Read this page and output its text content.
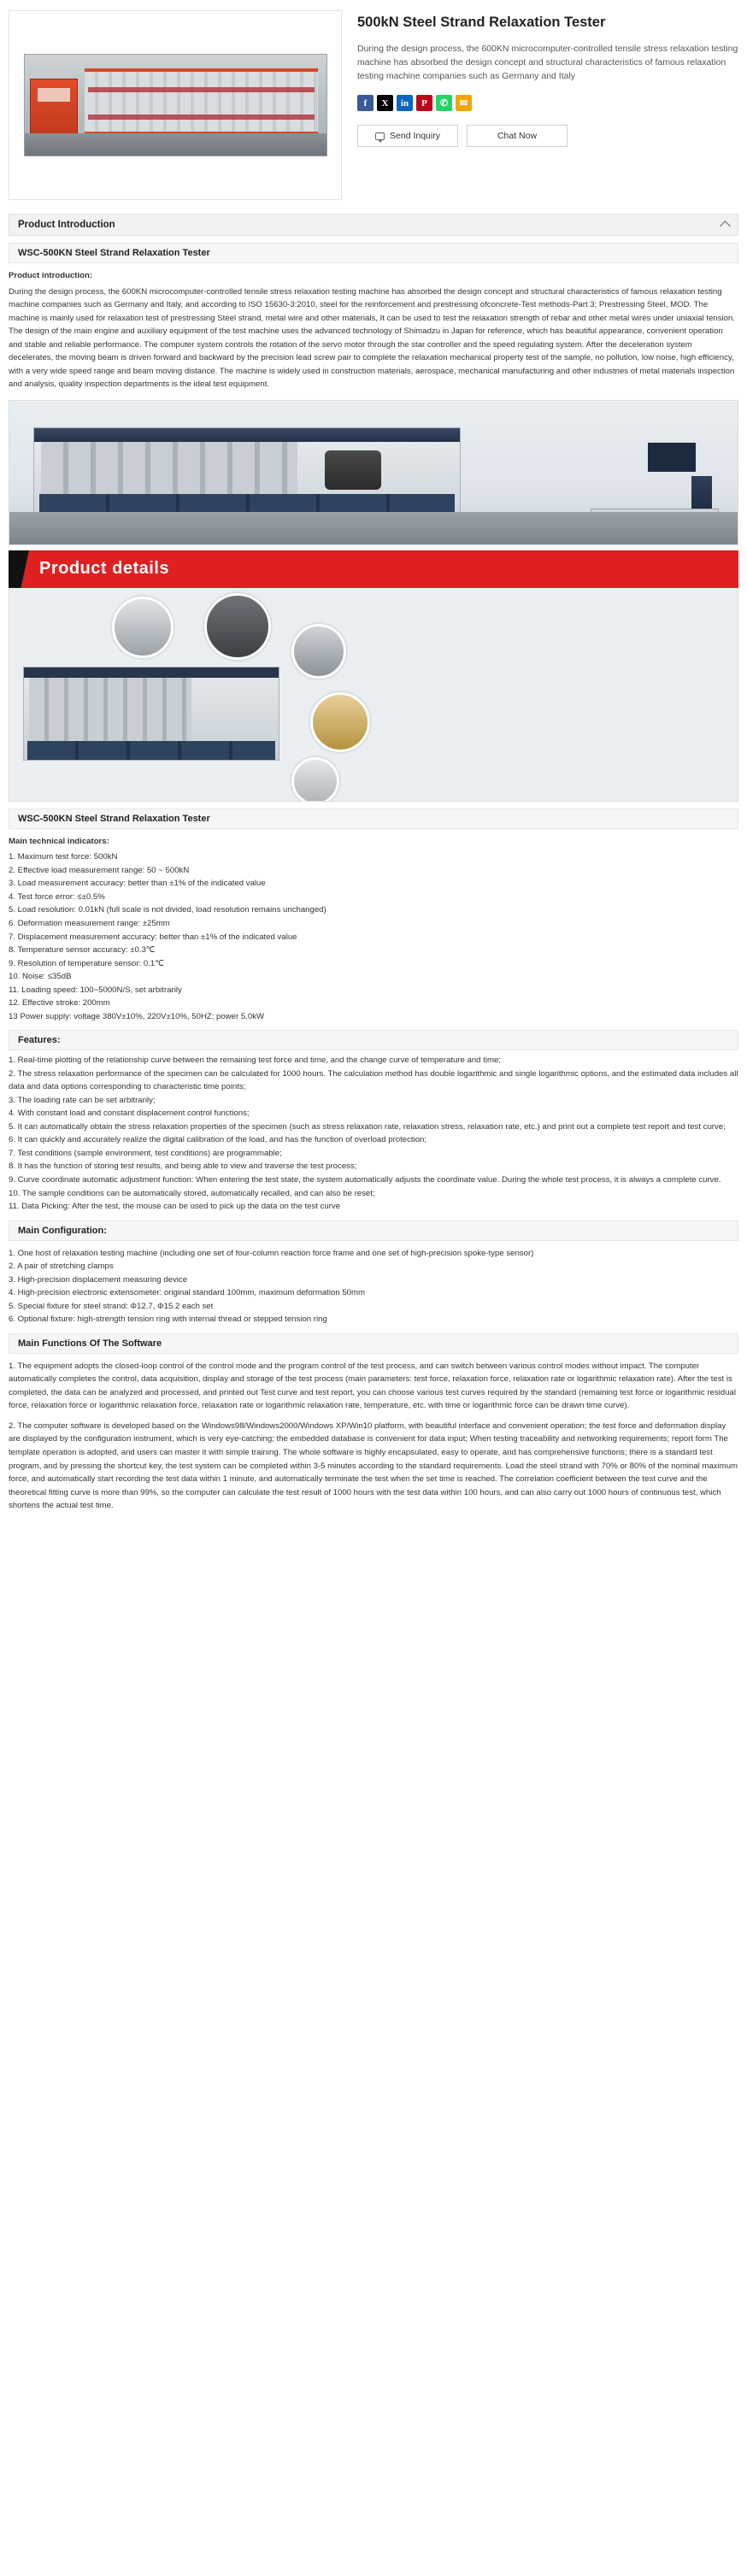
500kN Steel Strand Relaxation Tester

During the design process, the 600KN microcomputer-controlled tensile stress relaxation testing machine has absorbed the design concept and structural characteristics of famous relaxation testing machine companies such as Germany and Italy

f	X	in	P	✆	✉
Send Inquiry	Chat Now
Product Introduction
WSC-500KN Steel Strand Relaxation Tester
Product introduction:
During the design process, the 600KN microcomputer-controlled tensile stress relaxation testing machine has absorbed the design concept and structural characteristics of famous relaxation testing machine companies such as Germany and Italy, and according to ISO 15630-3:2010, steel for the reinforcement and prestressing ofconcrete-Test methods-Part 3; Prestressing Steel, MOD. The machine is mainly used for relaxation test of prestressing Steel strand, metal wire and other materials, It can be used to test the relaxation strength of rebar and other metal wires under uniaxial tension. The design of the main engine and auxiliary equipment of the test machine uses the advanced technology of Shimadzu in Japan for reference, which has beautiful appearance, convenient operation and stable and reliable performance. The computer system controls the rotation of the servo motor through the star controller and the speed regulating system. After the deceleration system decelerates, the moving beam is driven forward and backward by the precision lead screw pair to complete the relaxation mechanical property test of the sample, no pollution, low noise, high efficiency, with a very wide speed range and beam moving distance. The machine is widely used in construction materials, aerospace, mechanical manufacturing and other industries of metal materials inspection and analysis, quality inspection departments is the ideal test equipment.
Product details
WSC-500KN Steel Strand Relaxation Tester
Main technical indicators:
1. Maximum test force: 500kN
2. Effective load measurement range: 50 ~ 500kN
3. Load measurement accuracy: better than ±1% of the indicated value
4. Test force error: ≤±0.5%
5. Load resolution: 0.01kN (full scale is not divided, load resolution remains unchanged)
6. Deformation measurement range: ±25mm
7. Displacement measurement accuracy: better than ±1% of the indicated value
8. Temperature sensor accuracy: ±0.3℃
9. Resolution of temperature sensor: 0.1℃
10. Noise: ≤35dB
11. Loading speed: 100~5000N/S, set arbitrarily
12. Effective stroke: 200mm
13 Power supply: voltage 380V±10%, 220V±10%, 50HZ; power 5.0kW
Features:
1. Real-time plotting of the relationship curve between the remaining test force and time, and the change curve of temperature and time;
2. The stress relaxation performance of the specimen can be calculated for 1000 hours. The calculation method has double logarithmic and single logarithmic options, and the estimated data includes all data and data options corresponding to characteristic time points;
3. The loading rate can be set arbitrarily;
4. With constant load and constant displacement control functions;
5. It can automatically obtain the stress relaxation properties of the specimen (such as stress relaxation rate, relaxation stress, relaxation rate, etc.) and print out a complete test report and test curve;
6. It can quickly and accurately realize the digital calibration of the load, and has the function of overload protection;
7. Test conditions (sample environment, test conditions) are programmable;
8. It has the function of storing test results, and being able to view and traverse the test process;
9. Curve coordinate automatic adjustment function: When entering the test state, the system automatically adjusts the coordinate value. During the whole test process, it is always a complete curve.
10. The sample conditions can be automatically stored, automatically recalled, and can also be reset;
11. Data Picking: After the test, the mouse can be used to pick up the data on the test curve
Main Configuration:
1. One host of relaxation testing machine (including one set of four-column reaction force frame and one set of high-precision spoke-type sensor)
2. A pair of stretching clamps
3. High-precision displacement measuring device
4. High-precision electronic extensometer: original standard 100mm, maximum deformation 50mm
5. Special fixture for steel strand: Φ12.7, Φ15.2 each set
6. Optional fixture: high-strength tension ring with internal thread or stepped tension ring
Main Functions Of The Software
1. The equipment adopts the closed-loop control of the control mode and the program control of the test process, and can switch between various control modes without impact. The computer automatically completes the control, data acquisition, display and storage of the test process (main parameters: test force, relaxation force, relaxation rate or logarithmic relaxation rate). After the test is completed, the data can be analyzed and processed, and printed out Test curve and test report, you can choose various test curves required by the standard (remaining test force or logarithmic residual force, relaxation force or logarithmic relaxation force, relaxation rate or logarithmic relaxation rate, temperature, etc. with time or logarithmic force can be drawn time curve).
2. The computer software is developed based on the Windows98/Windows2000/Windows XP/Win10 platform, with beautiful interface and convenient operation; the test force and deformation display are displayed by the configuration instrument, which is very eye-catching; the embedded database is convenient for data input; When testing traceability and networking requirements; report form The template operation is adopted, and users can master it with simple training. The whole software is highly encapsulated, easy to operate, and has comprehensive functions; there is a standard test program, and by pressing the shortcut key, the test system can be completed within 3-5 minutes according to the standard requirements. Load the steel strand with 70% or 80% of the nominal maximum force, and automatically start recording the test data within 1 minute, and automatically terminate the test when the set time is reached. The correlation coefficient between the test curve and the theoretical fitting curve is more than 99%, so the computer can calculate the test result of 1000 hours with the test data within 100 hours, and can also carry out 1000 hours of continuous test, which shortens the actual test time.
